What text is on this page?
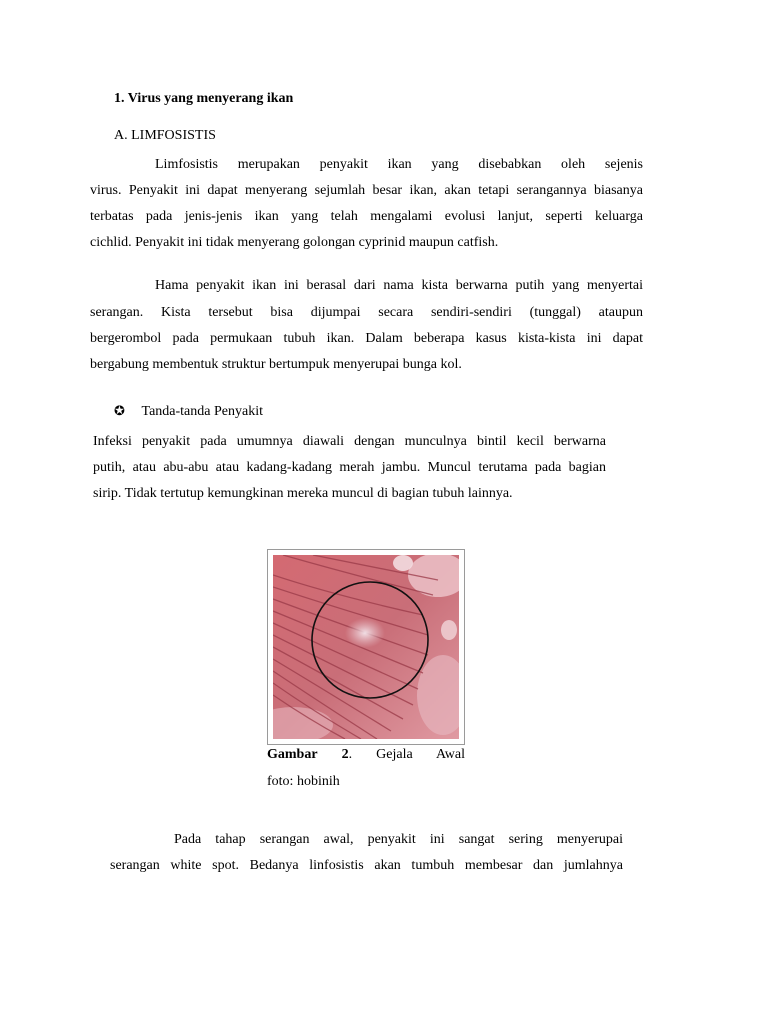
1. Virus yang menyerang ikan
A. LIMFOSISTIS
Limfosistis merupakan penyakit ikan yang disebabkan oleh sejenis
virus. Penyakit ini dapat menyerang sejumlah besar ikan, akan tetapi serangannya biasanya
terbatas pada jenis-jenis ikan yang telah mengalami evolusi lanjut, seperti keluarga
cichlid. Penyakit ini tidak menyerang golongan cyprinid maupun catfish.
Hama penyakit ikan ini berasal dari nama kista berwarna putih yang menyertai
serangan. Kista tersebut bisa dijumpai secara sendiri-sendiri (tunggal) ataupun
bergerombol pada permukaan tubuh ikan. Dalam beberapa kasus kista-kista ini dapat
bergabung membentuk struktur bertumpuk menyerupai bunga kol.
✪ Tanda-tanda Penyakit
Infeksi penyakit pada umumnya diawali dengan munculnya bintil kecil berwarna
putih, atau abu-abu atau kadang-kadang merah jambu. Muncul terutama pada bagian
sirip. Tidak tertutup kemungkinan mereka muncul di bagian tubuh lainnya.
Gambar 2. Gejala Awal
foto: hobinih
Pada tahap serangan awal, penyakit ini sangat sering menyerupai
serangan white spot. Bedanya linfosistis akan tumbuh membesar dan jumlahnya
